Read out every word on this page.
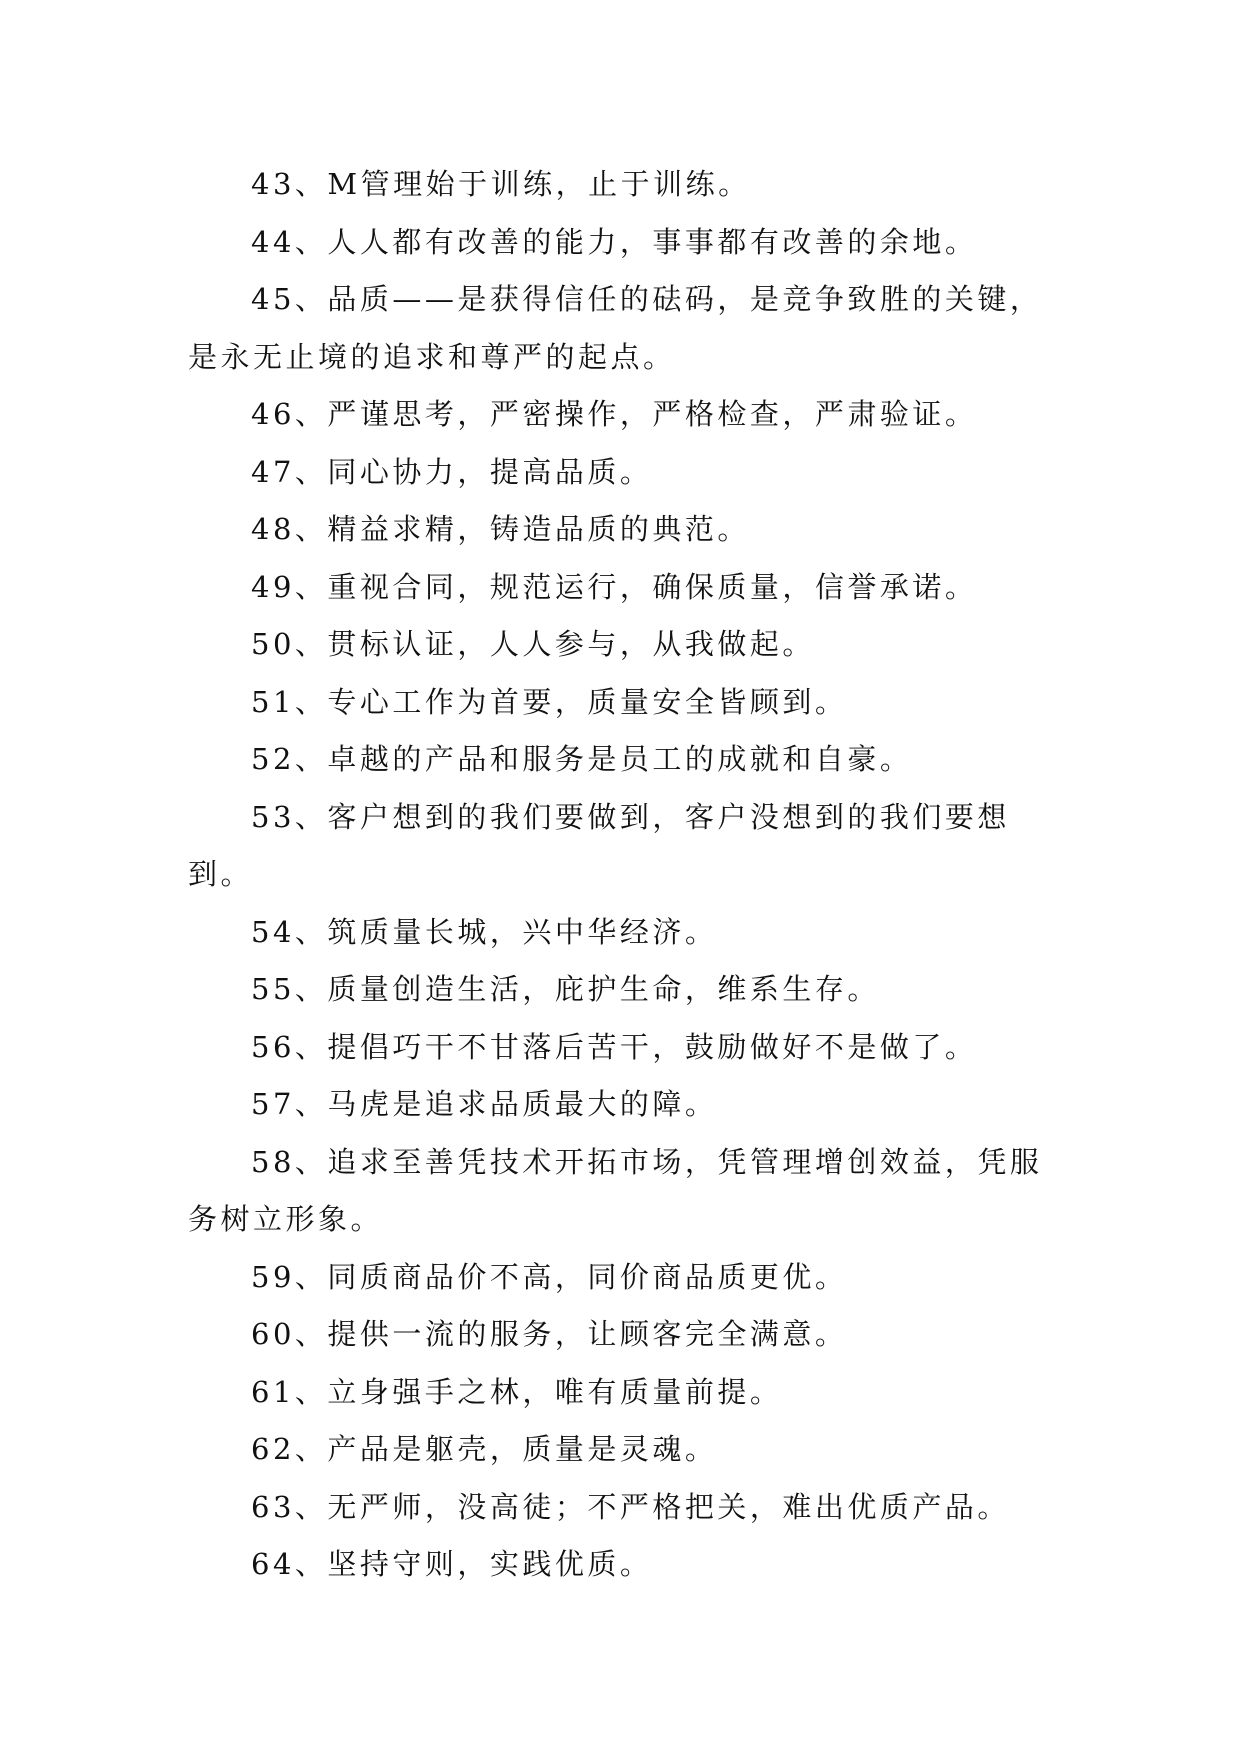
43、M管理始于训练，止于训练。

44、人人都有改善的能力，事事都有改善的余地。

45、品质——是获得信任的砝码，是竞争致胜的关键，是永无止境的追求和尊严的起点。

46、严谨思考，严密操作，严格检查，严肃验证。

47、同心协力，提高品质。

48、精益求精，铸造品质的典范。

49、重视合同，规范运行，确保质量，信誉承诺。

50、贯标认证，人人参与，从我做起。

51、专心工作为首要，质量安全皆顾到。

52、卓越的产品和服务是员工的成就和自豪。

53、客户想到的我们要做到，客户没想到的我们要想到。

54、筑质量长城，兴中华经济。

55、质量创造生活，庇护生命，维系生存。

56、提倡巧干不甘落后苦干，鼓励做好不是做了。

57、马虎是追求品质最大的障。

58、追求至善凭技术开拓市场，凭管理增创效益，凭服务树立形象。

59、同质商品价不高，同价商品质更优。

60、提供一流的服务，让顾客完全满意。

61、立身强手之林，唯有质量前提。

62、产品是躯壳，质量是灵魂。

63、无严师，没高徒；不严格把关，难出优质产品。

64、坚持守则，实践优质。
